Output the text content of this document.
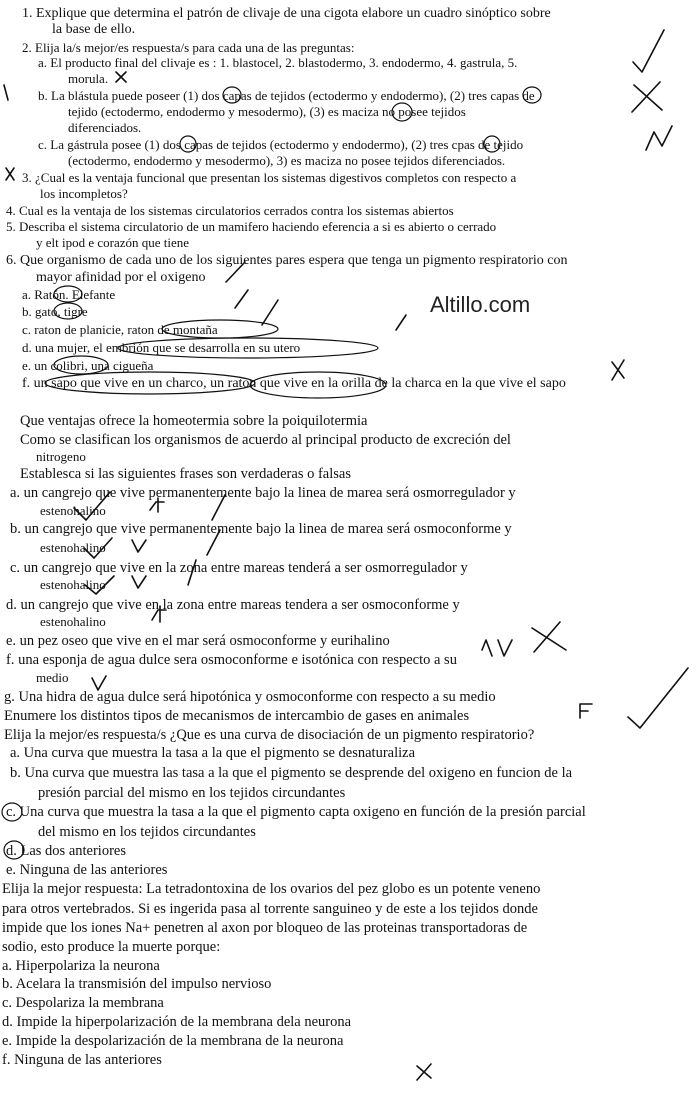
1. Explique que determina el patrón de clivaje de una cigota elabore un cuadro sinóptico sobre
la base de ello.
2. Elija la/s mejor/es respuesta/s para cada una de las preguntas:
a. El producto final del clivaje es : 1. blastocel, 2. blastodermo, 3. endodermo, 4. gastrula, 5.
morula.
b. La blástula puede poseer (1) dos capas de tejidos (ectodermo y endodermo), (2) tres capas de
tejido (ectodermo, endodermo y mesodermo), (3) es maciza no posee tejidos
diferenciados.
c. La gástrula posee (1) dos capas de tejidos (ectodermo y endodermo), (2) tres cpas de tejido
(ectodermo, endodermo y mesodermo), 3) es maciza no posee tejidos diferenciados.
3. ¿Cual es la ventaja funcional que presentan los sistemas digestivos completos con respecto a
los incompletos?
4. Cual es la ventaja de los sistemas circulatorios cerrados contra los sistemas abiertos
5. Describa el sistema circulatorio de un mamifero haciendo eferencia a si es abierto o cerrado
y elt ipod e corazón que tiene
6. Que organismo de cada uno de los siguientes pares espera que tenga un pigmento respiratorio con
mayor afinidad por el oxigeno
a. Ratón. Elefante
b. gato, tigre
c. raton de planicie, raton de montaña
d. una mujer, el embrión que se desarrolla en su utero
e. un colibri, una cigueña
f. un sapo que vive en un charco, un raton que vive en la orilla de la charca en la que vive el sapo
Que ventajas ofrece la homeotermia sobre la poiquilotermia
Como se clasifican los organismos de acuerdo al principal producto de excreción del
nitrogeno
Establesca si las siguientes frases son verdaderas o falsas
a. un cangrejo que vive permanentemente bajo la linea de marea será osmorregulador y
estenohalino
b. un cangrejo que vive permanentemente bajo la linea de marea será osmoconforme y
estenohalino
c. un cangrejo que vive en la zona entre mareas tenderá a ser osmorregulador y
estenohalino
d. un cangrejo que vive en la zona entre mareas tendera a ser osmoconforme y
estenohalino
e. un pez oseo que vive en el mar será osmoconforme y eurihalino
f. una esponja de agua dulce sera osmoconforme e isotónica con respecto a su
medio
g. Una hidra de agua dulce será hipotónica y osmoconforme con respecto a su medio
Enumere los distintos tipos de mecanismos de intercambio de gases en animales
Elija la mejor/es respuesta/s ¿Que es una curva de disociación de un pigmento respiratorio?
a. Una curva que muestra la tasa a la que el pigmento se desnaturaliza
b. Una curva que muestra las tasa a la que el pigmento se desprende del oxigeno en funcion de la
presión parcial del mismo en los tejidos circundantes
c. Una curva que muestra la tasa a la que el pigmento capta oxigeno en función de la presión parcial
del mismo en los tejidos circundantes
d. Las dos anteriores
e. Ninguna de las anteriores
Elija la mejor respuesta: La tetradontoxina de los ovarios del pez globo es un potente veneno
para otros vertebrados. Si es ingerida pasa al torrente sanguineo y de este a los tejidos donde
impide que los iones Na+ penetren al axon por bloqueo de las proteinas transportadoras de
sodio, esto produce la muerte porque:
a. Hiperpolariza la neurona
b. Acelara la transmisión del impulso nervioso
c. Despolariza la membrana
d. Impide la hiperpolarización de la membrana dela neurona
e. Impide la despolarización de la membrana de la neurona
f. Ninguna de las anteriores
Altillo.com
